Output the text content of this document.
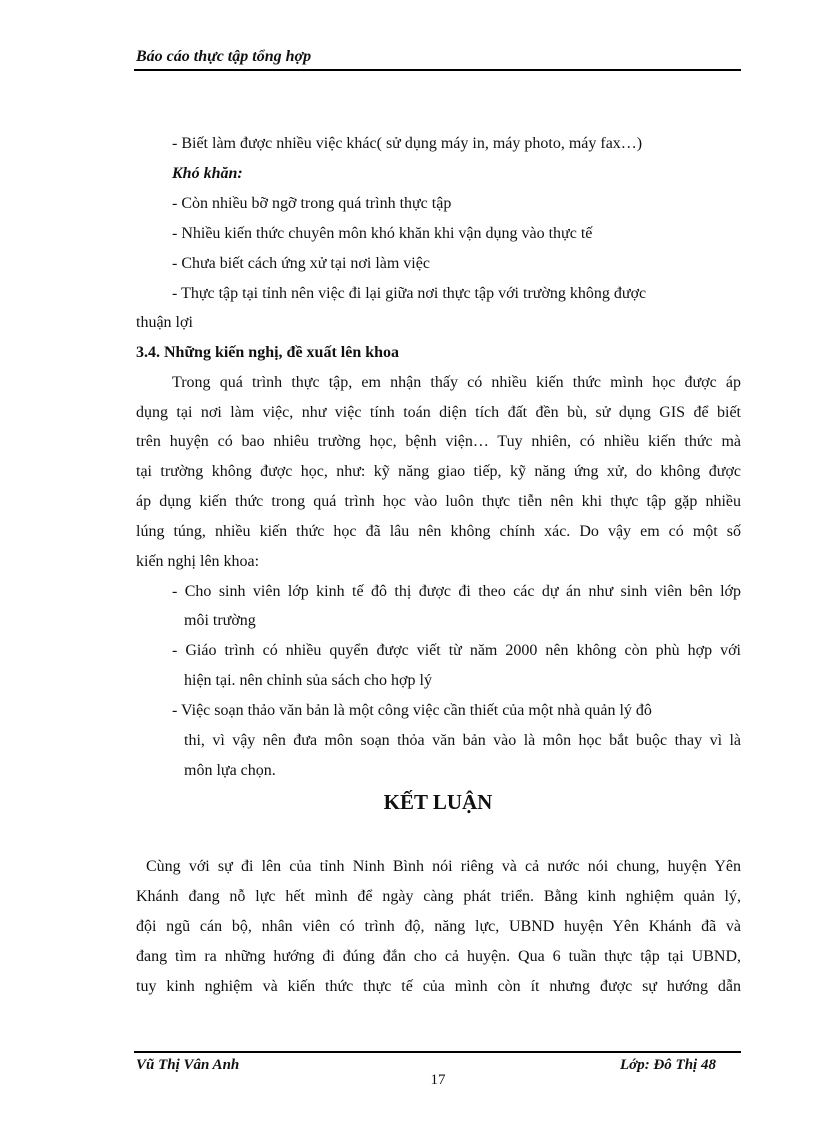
Báo cáo thực tập tổng hợp
- Biết làm được nhiều việc khác( sử dụng máy in, máy photo, máy fax…)
Khó khăn:
- Còn nhiều bỡ ngỡ trong quá trình thực tập
- Nhiều kiến thức chuyên môn khó khăn khi vận dụng vào thực tế
- Chưa biết cách ứng xử tại nơi làm việc
- Thực tập tại tỉnh nên việc đi lại giữa nơi thực tập với trường không được
thuận lợi
3.4. Những kiến nghị, đề xuất lên khoa
Trong quá trình thực tập, em nhận thấy có nhiều kiến thức mình học được áp
dụng tại nơi làm việc, như việc tính toán diện tích đất đền bù, sử dụng GIS để biết
trên huyện có bao nhiêu trường học, bệnh viện… Tuy nhiên, có nhiều kiến thức mà
tại trường không được học, như: kỹ năng giao tiếp, kỹ năng ứng xử, do không được
áp dụng kiến thức trong quá trình học vào luôn thực tiễn nên khi thực tập gặp nhiều
lúng túng, nhiều kiến thức học đã lâu nên không chính xác. Do vậy em có một số
kiến nghị lên khoa:
- Cho sinh viên lớp kinh tế đô thị được đi theo các dự án như sinh viên bên lớp
môi trường
- Giáo trình có nhiều quyển được viết từ năm 2000 nên không còn phù hợp với
hiện tại. nên chỉnh sủa sách cho hợp lý
- Việc soạn thảo văn bản là một công việc cần thiết của một nhà quản lý đô
thi, vì vậy nên đưa môn soạn thỏa văn bản vào là môn học bắt buộc thay vì là
môn lựa chọn.
KẾT LUẬN
Cùng với sự đi lên của tỉnh Ninh Bình nói riêng và cả nước nói chung, huyện Yên
Khánh đang nỗ lực hết mình để ngày càng phát triển. Bằng kinh nghiệm quản lý,
đội ngũ cán bộ, nhân viên có trình độ, năng lực, UBND huyện Yên Khánh đã và
đang tìm ra những hướng đi đúng đắn cho cả huyện. Qua 6 tuần thực tập tại UBND,
tuy kinh nghiệm và kiến thức thực tế của mình còn ít nhưng được sự hướng dẫn
Vũ Thị Vân Anh	Lớp: Đô Thị 48
17
